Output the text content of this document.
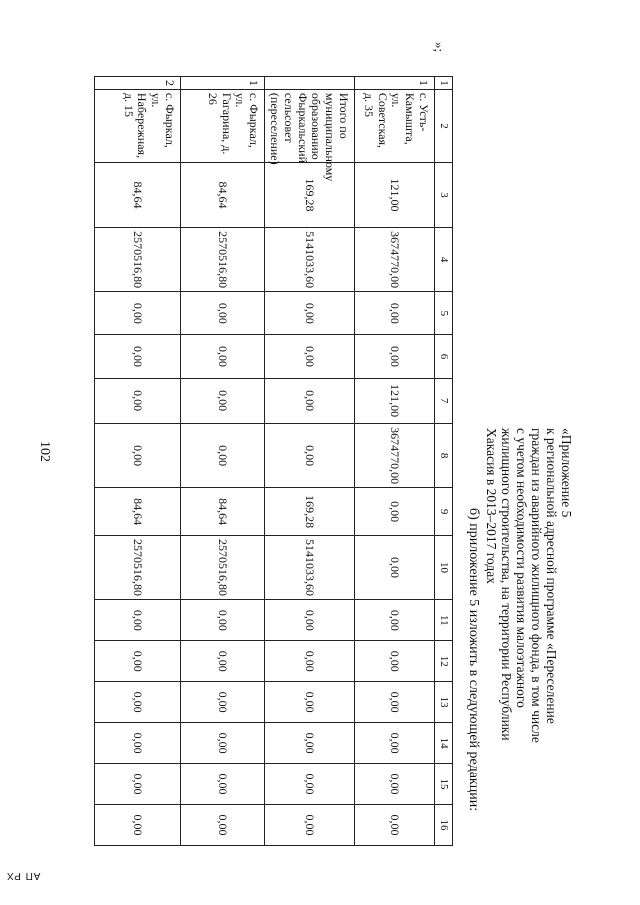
102
АП РХ
»;
1	2	3	4	5	6	7	8	9	10	11	12	13	14	15	16
1	с. Усть-Камышта,
ул. Советская, д. 35	121,00	3674770,00	0,00	0,00	121,00	3674770,00	0,00	0,00	0,00	0,00	0,00	0,00	0,00	0,00
	Итого по муниципальному
образованию
Фыркальский сельсовет
(переселение)	169,28	5141033,60	0,00	0,00	0,00	0,00	169,28	5141033,60	0,00	0,00	0,00	0,00	0,00	0,00
1	с. Фыркал,
ул. Гагарина, д. 26	84,64	2570516,80	0,00	0,00	0,00	0,00	84,64	2570516,80	0,00	0,00	0,00	0,00	0,00	0,00
2	с. Фыркал,
ул. Набережная,
д. 15	84,64	2570516,80	0,00	0,00	0,00	0,00	84,64	2570516,80	0,00	0,00	0,00	0,00	0,00	0,00
б) приложение 5 изложить в следующей редакции:
«Приложение 5
к региональной адресной программе «Переселение
граждан из аварийного жилищного фонда, в том числе
с учетом необходимости развития малоэтажного
жилищного строительства, на территории Республики
Хакасия в 2013–2017 годах
